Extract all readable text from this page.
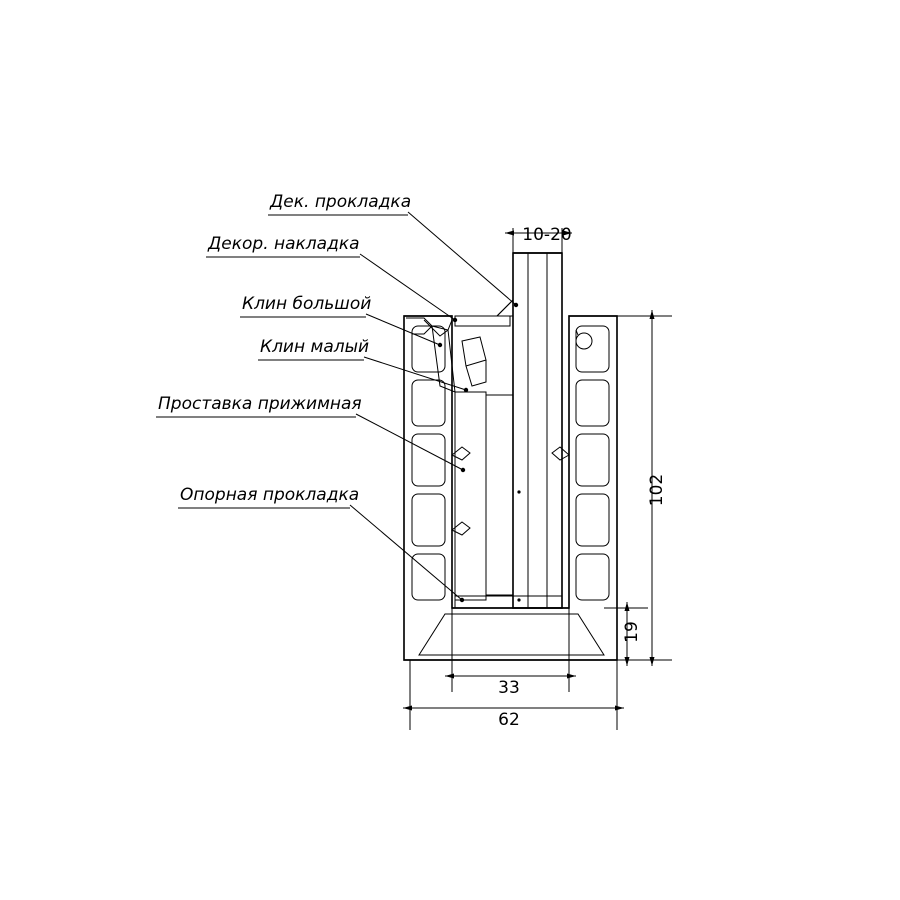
Дек. прокладка
Декор. накладка
Клин большой
Клин малый
Проставка прижимная
Опорная прокладка
10-20
102
19
33
62
